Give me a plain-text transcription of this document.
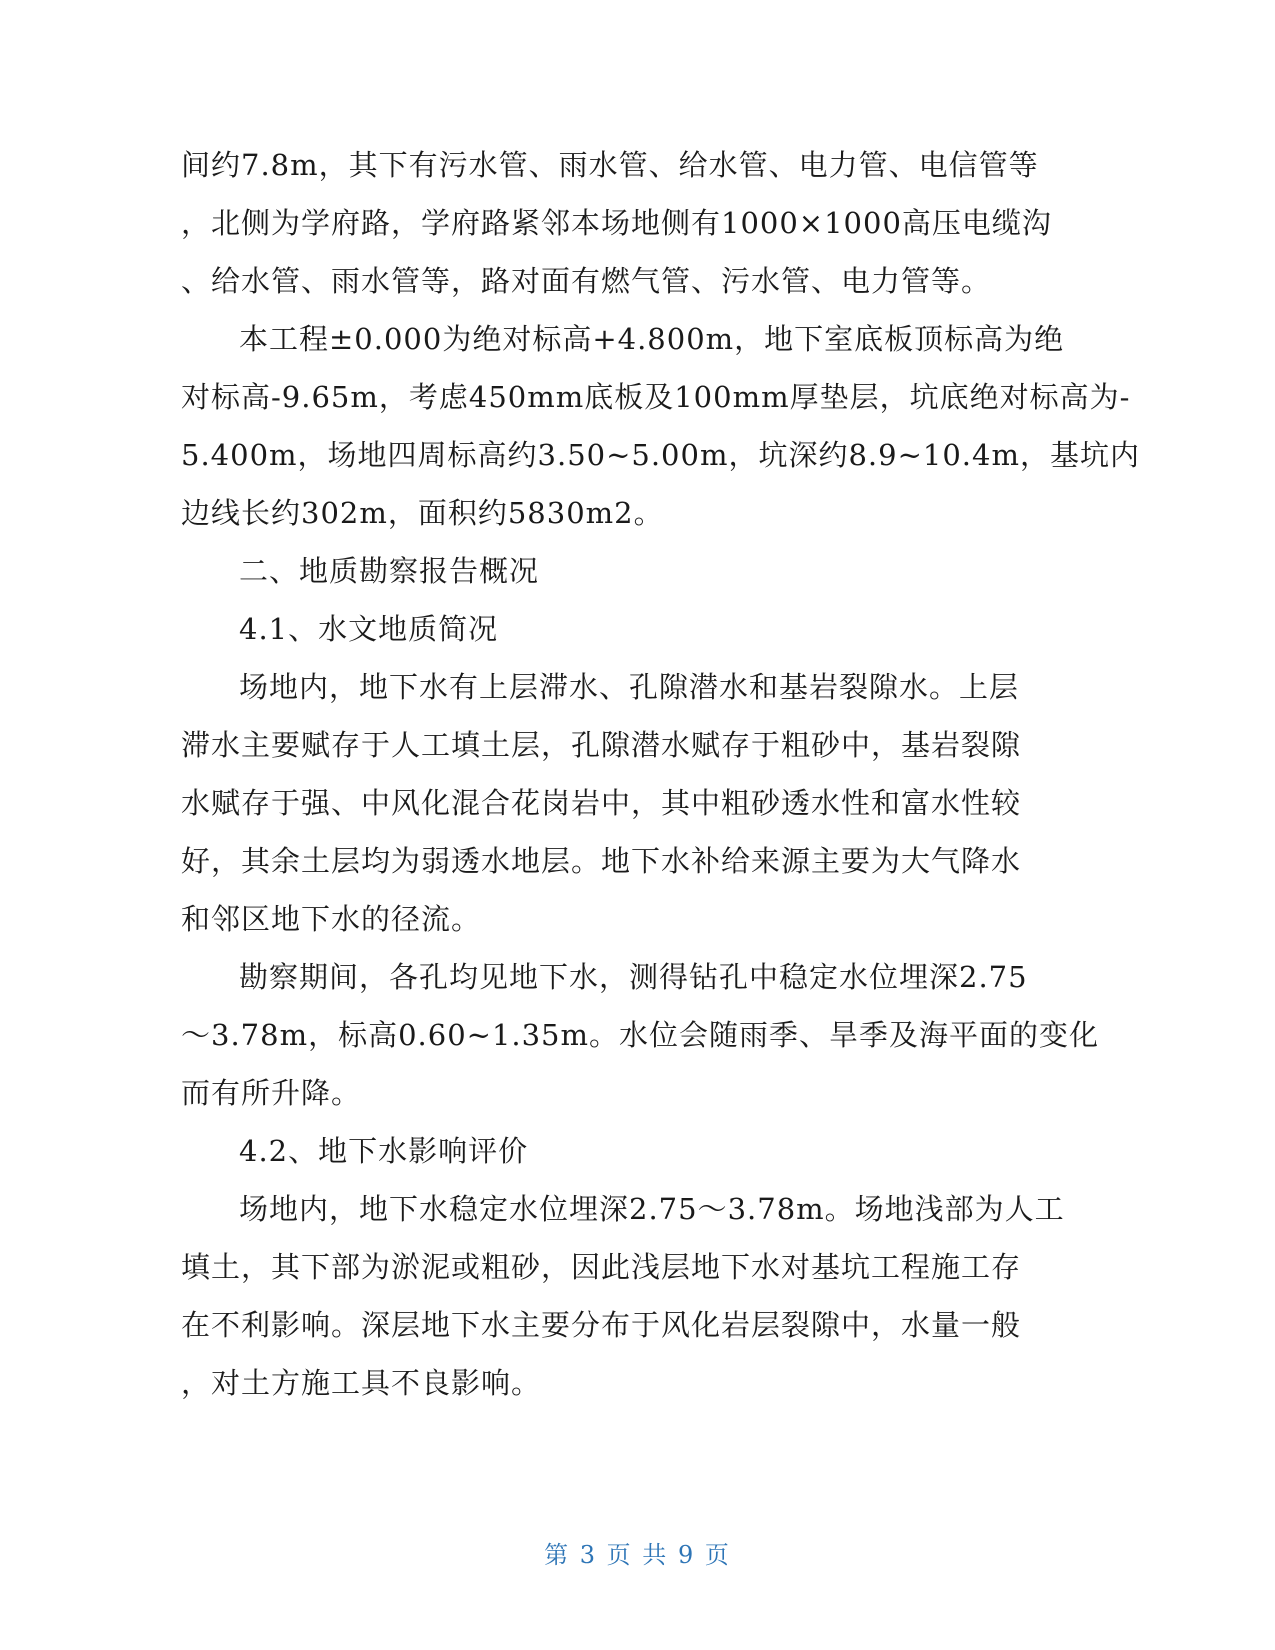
间约7.8m，其下有污水管、雨水管、给水管、电力管、电信管等
，北侧为学府路，学府路紧邻本场地侧有1000×1000高压电缆沟
、给水管、雨水管等，路对面有燃气管、污水管、电力管等。
本工程±0.000为绝对标高+4.800m，地下室底板顶标高为绝
对标高-9.65m，考虑450mm底板及100mm厚垫层，坑底绝对标高为-
5.400m，场地四周标高约3.50~5.00m，坑深约8.9~10.4m，基坑内
边线长约302m，面积约5830m2。
二、地质勘察报告概况
4.1、水文地质简况
场地内，地下水有上层滞水、孔隙潜水和基岩裂隙水。上层
滞水主要赋存于人工填土层，孔隙潜水赋存于粗砂中，基岩裂隙
水赋存于强、中风化混合花岗岩中，其中粗砂透水性和富水性较
好，其余土层均为弱透水地层。地下水补给来源主要为大气降水
和邻区地下水的径流。
勘察期间，各孔均见地下水，测得钻孔中稳定水位埋深2.75
～3.78m，标高0.60~1.35m。水位会随雨季、旱季及海平面的变化
而有所升降。
4.2、地下水影响评价
场地内，地下水稳定水位埋深2.75～3.78m。场地浅部为人工
填土，其下部为淤泥或粗砂，因此浅层地下水对基坑工程施工存
在不利影响。深层地下水主要分布于风化岩层裂隙中，水量一般
，对土方施工具不良影响。
第 3 页 共 9 页
